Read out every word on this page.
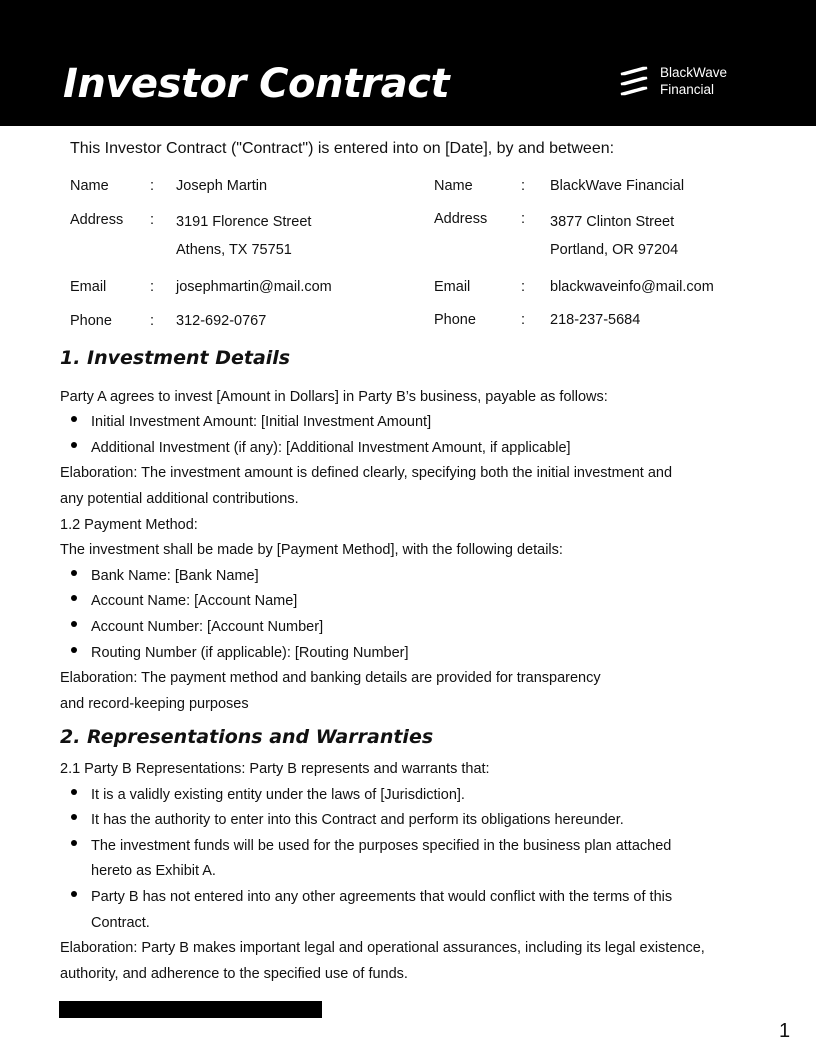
Investor Contract	BlackWave
Financial
This Investor Contract ("Contract") is entered into on [Date], by and between:
Name	: Joseph Martin
Address : 3191 Florence Street
Athens, TX 75751
Email	: josephmartin@mail.com
Phone	: 312-692-0767
Name	: BlackWave Financial
Address : 3877 Clinton Street
Portland, OR 97204
Email	: blackwaveinfo@mail.com
Phone	: 218-237-5684
1. Investment Details
Party A agrees to invest [Amount in Dollars] in Party B’s business, payable as follows:
Initial Investment Amount: [Initial Investment Amount]
Additional Investment (if any): [Additional Investment Amount, if applicable]
Elaboration: The investment amount is defined clearly, specifying both the initial investment and
any potential additional contributions.
1.2 Payment Method:
The investment shall be made by [Payment Method], with the following details:
Bank Name: [Bank Name]
Account Name: [Account Name]
Account Number: [Account Number]
Routing Number (if applicable): [Routing Number]
Elaboration: The payment method and banking details are provided for transparency
and record-keeping purposes
2. Representations and Warranties
2.1 Party B Representations: Party B represents and warrants that:
It is a validly existing entity under the laws of [Jurisdiction].
It has the authority to enter into this Contract and perform its obligations hereunder.
The investment funds will be used for the purposes specified in the business plan attached
hereto as Exhibit A.
Party B has not entered into any other agreements that would conflict with the terms of this
Contract.
Elaboration: Party B makes important legal and operational assurances, including its legal existence,
authority, and adherence to the specified use of funds.
1
